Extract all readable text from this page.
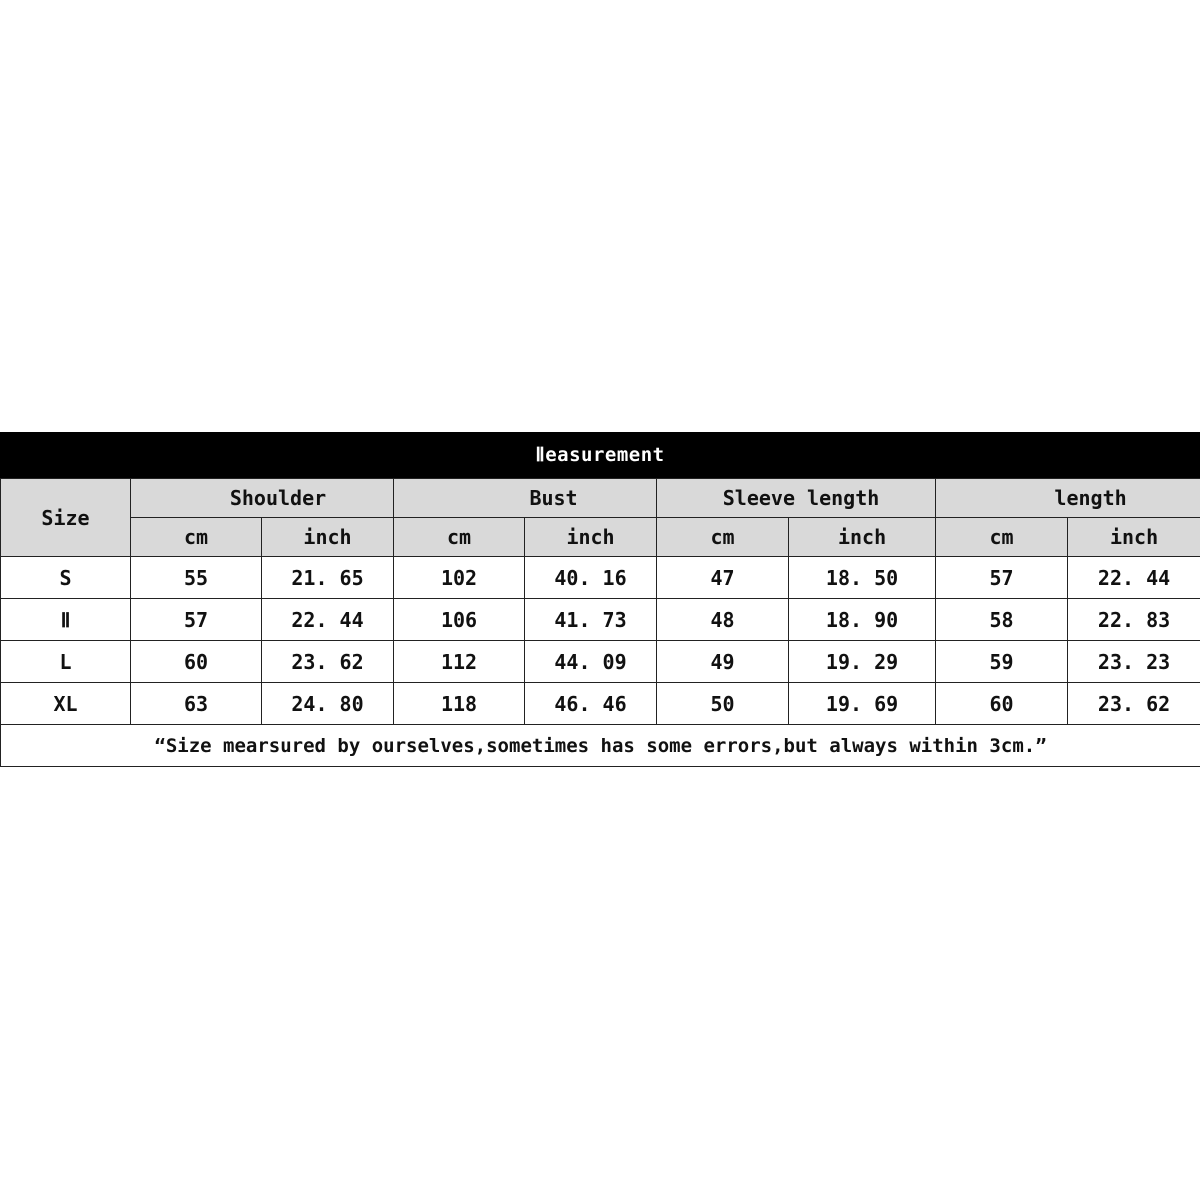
Ⅱeasurement
Size	Shoulder		Bust		Sleeve length		length	
	cm	inch	cm	inch	cm	inch	cm	inch
S	55	21. 65	102	40. 16	47	18. 50	57	22. 44
Ⅱ	57	22. 44	106	41. 73	48	18. 90	58	22. 83
L	60	23. 62	112	44. 09	49	19. 29	59	23. 23
XL	63	24. 80	118	46. 46	50	19. 69	60	23. 62
“Size mearsured by ourselves,sometimes has some errors,but always within 3cm.”								
